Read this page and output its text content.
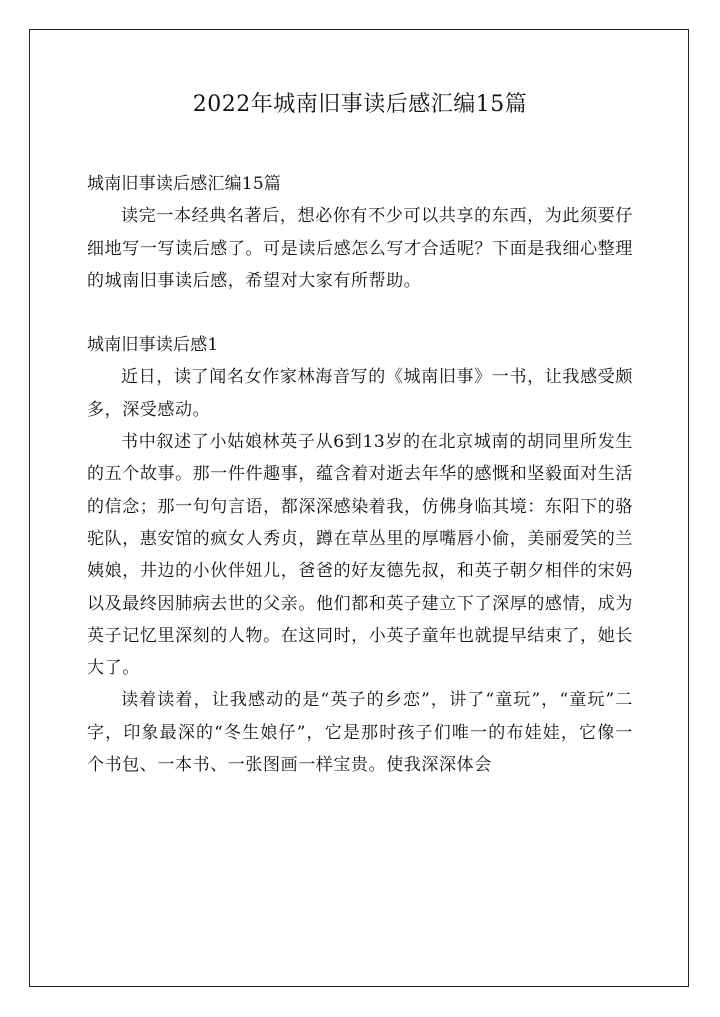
2022年城南旧事读后感汇编15篇

城南旧事读后感汇编15篇

读完一本经典名著后，想必你有不少可以共享的东西，为此须要仔细地写一写读后感了。可是读后感怎么写才合适呢？下面是我细心整理的城南旧事读后感，希望对大家有所帮助。

城南旧事读后感1

近日，读了闻名女作家林海音写的《城南旧事》一书，让我感受颇多，深受感动。

书中叙述了小姑娘林英子从6到13岁的在北京城南的胡同里所发生的五个故事。那一件件趣事，蕴含着对逝去年华的感慨和坚毅面对生活的信念；那一句句言语，都深深感染着我，仿佛身临其境：东阳下的骆驼队，惠安馆的疯女人秀贞，蹲在草丛里的厚嘴唇小偷，美丽爱笑的兰姨娘，井边的小伙伴妞儿，爸爸的好友德先叔，和英子朝夕相伴的宋妈以及最终因肺病去世的父亲。他们都和英子建立下了深厚的感情，成为英子记忆里深刻的人物。在这同时，小英子童年也就提早结束了，她长大了。

读着读着，让我感动的是“英子的乡恋”，讲了“童玩”，“童玩”二字，印象最深的“冬生娘仔”，它是那时孩子们唯一的布娃娃，它像一个书包、一本书、一张图画一样宝贵。使我深深体会
